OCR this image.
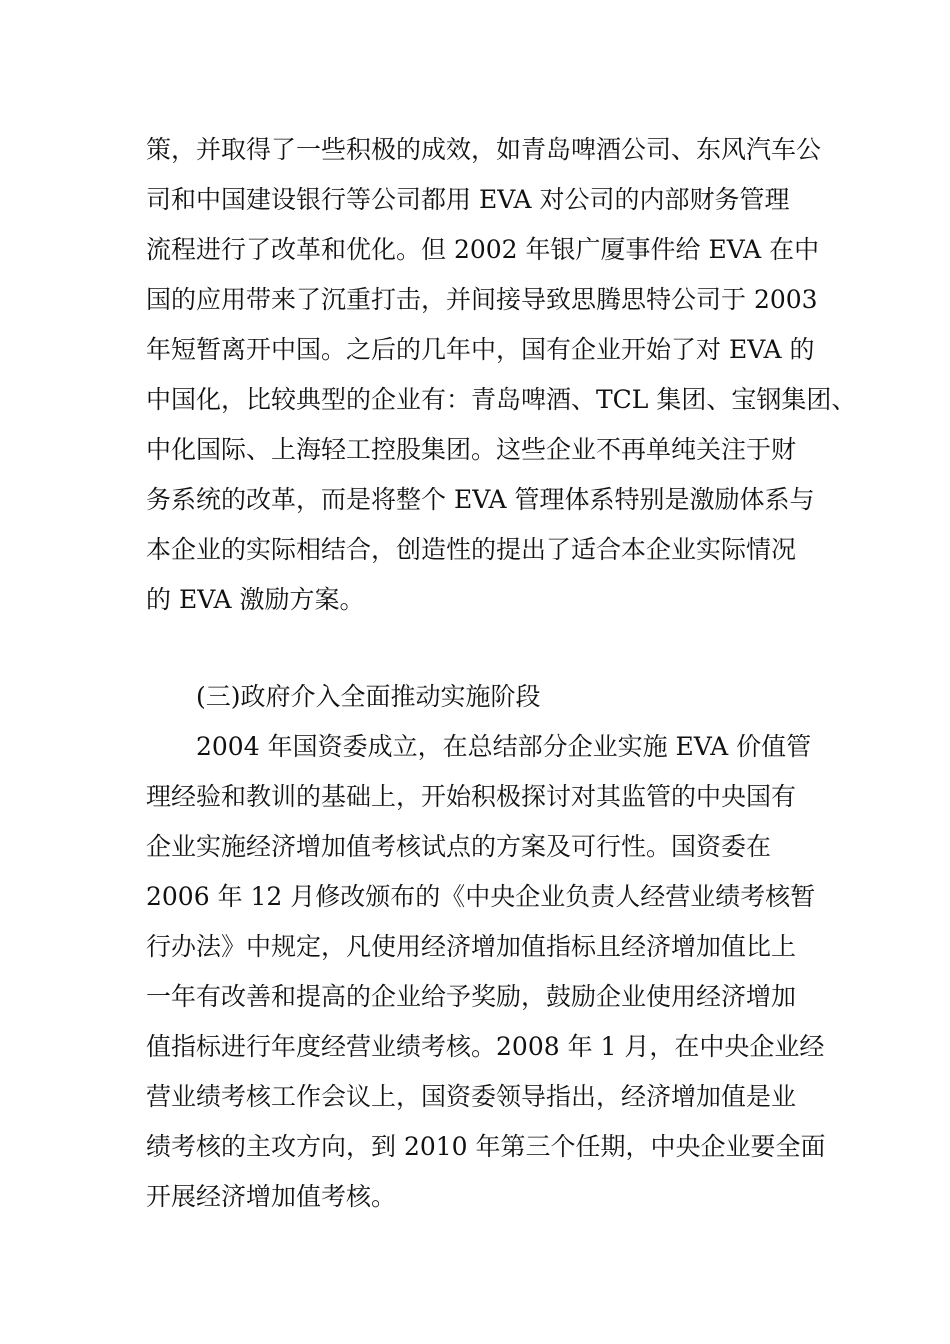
策，并取得了一些积极的成效，如青岛啤酒公司、东风汽车公
司和中国建设银行等公司都用 EVA 对公司的内部财务管理
流程进行了改革和优化。但 2002 年银广厦事件给 EVA 在中
国的应用带来了沉重打击，并间接导致思腾思特公司于 2003
年短暂离开中国。之后的几年中，国有企业开始了对 EVA 的
中国化，比较典型的企业有：青岛啤酒、TCL 集团、宝钢集团、
中化国际、上海轻工控股集团。这些企业不再单纯关注于财
务系统的改革，而是将整个 EVA 管理体系特别是激励体系与
本企业的实际相结合，创造性的提出了适合本企业实际情况
的 EVA 激励方案。
(三)政府介入全面推动实施阶段
2004 年国资委成立，在总结部分企业实施 EVA 价值管
理经验和教训的基础上，开始积极探讨对其监管的中央国有
企业实施经济增加值考核试点的方案及可行性。国资委在
2006 年 12 月修改颁布的《中央企业负责人经营业绩考核暂
行办法》中规定，凡使用经济增加值指标且经济增加值比上
一年有改善和提高的企业给予奖励，鼓励企业使用经济增加
值指标进行年度经营业绩考核。2008 年 1 月，在中央企业经
营业绩考核工作会议上，国资委领导指出，经济增加值是业
绩考核的主攻方向，到 2010 年第三个任期，中央企业要全面
开展经济增加值考核。
